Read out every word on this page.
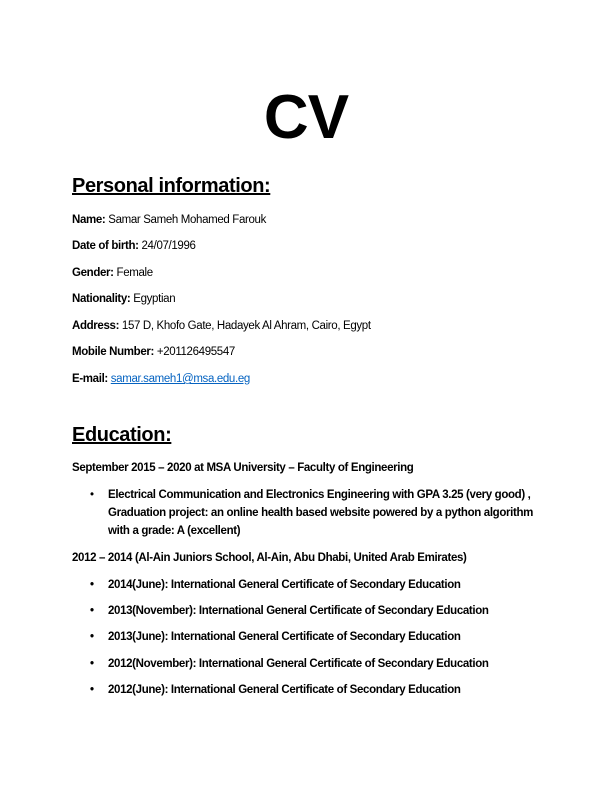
CV
Personal information:
Name: Samar Sameh Mohamed Farouk
Date of birth: 24/07/1996
Gender: Female
Nationality: Egyptian
Address: 157 D, Khofo Gate, Hadayek Al Ahram, Cairo, Egypt
Mobile Number: +201126495547
E-mail: samar.sameh1@msa.edu.eg
Education:
September 2015 – 2020 at MSA University – Faculty of Engineering
• Electrical Communication and Electronics Engineering with GPA 3.25 (very good) , Graduation project: an online health based website powered by a python algorithm with a grade: A (excellent)
2012 – 2014 (Al-Ain Juniors School, Al-Ain, Abu Dhabi, United Arab Emirates)
• 2014(June): International General Certificate of Secondary Education
• 2013(November): International General Certificate of Secondary Education
• 2013(June): International General Certificate of Secondary Education
• 2012(November): International General Certificate of Secondary Education
• 2012(June): International General Certificate of Secondary Education
